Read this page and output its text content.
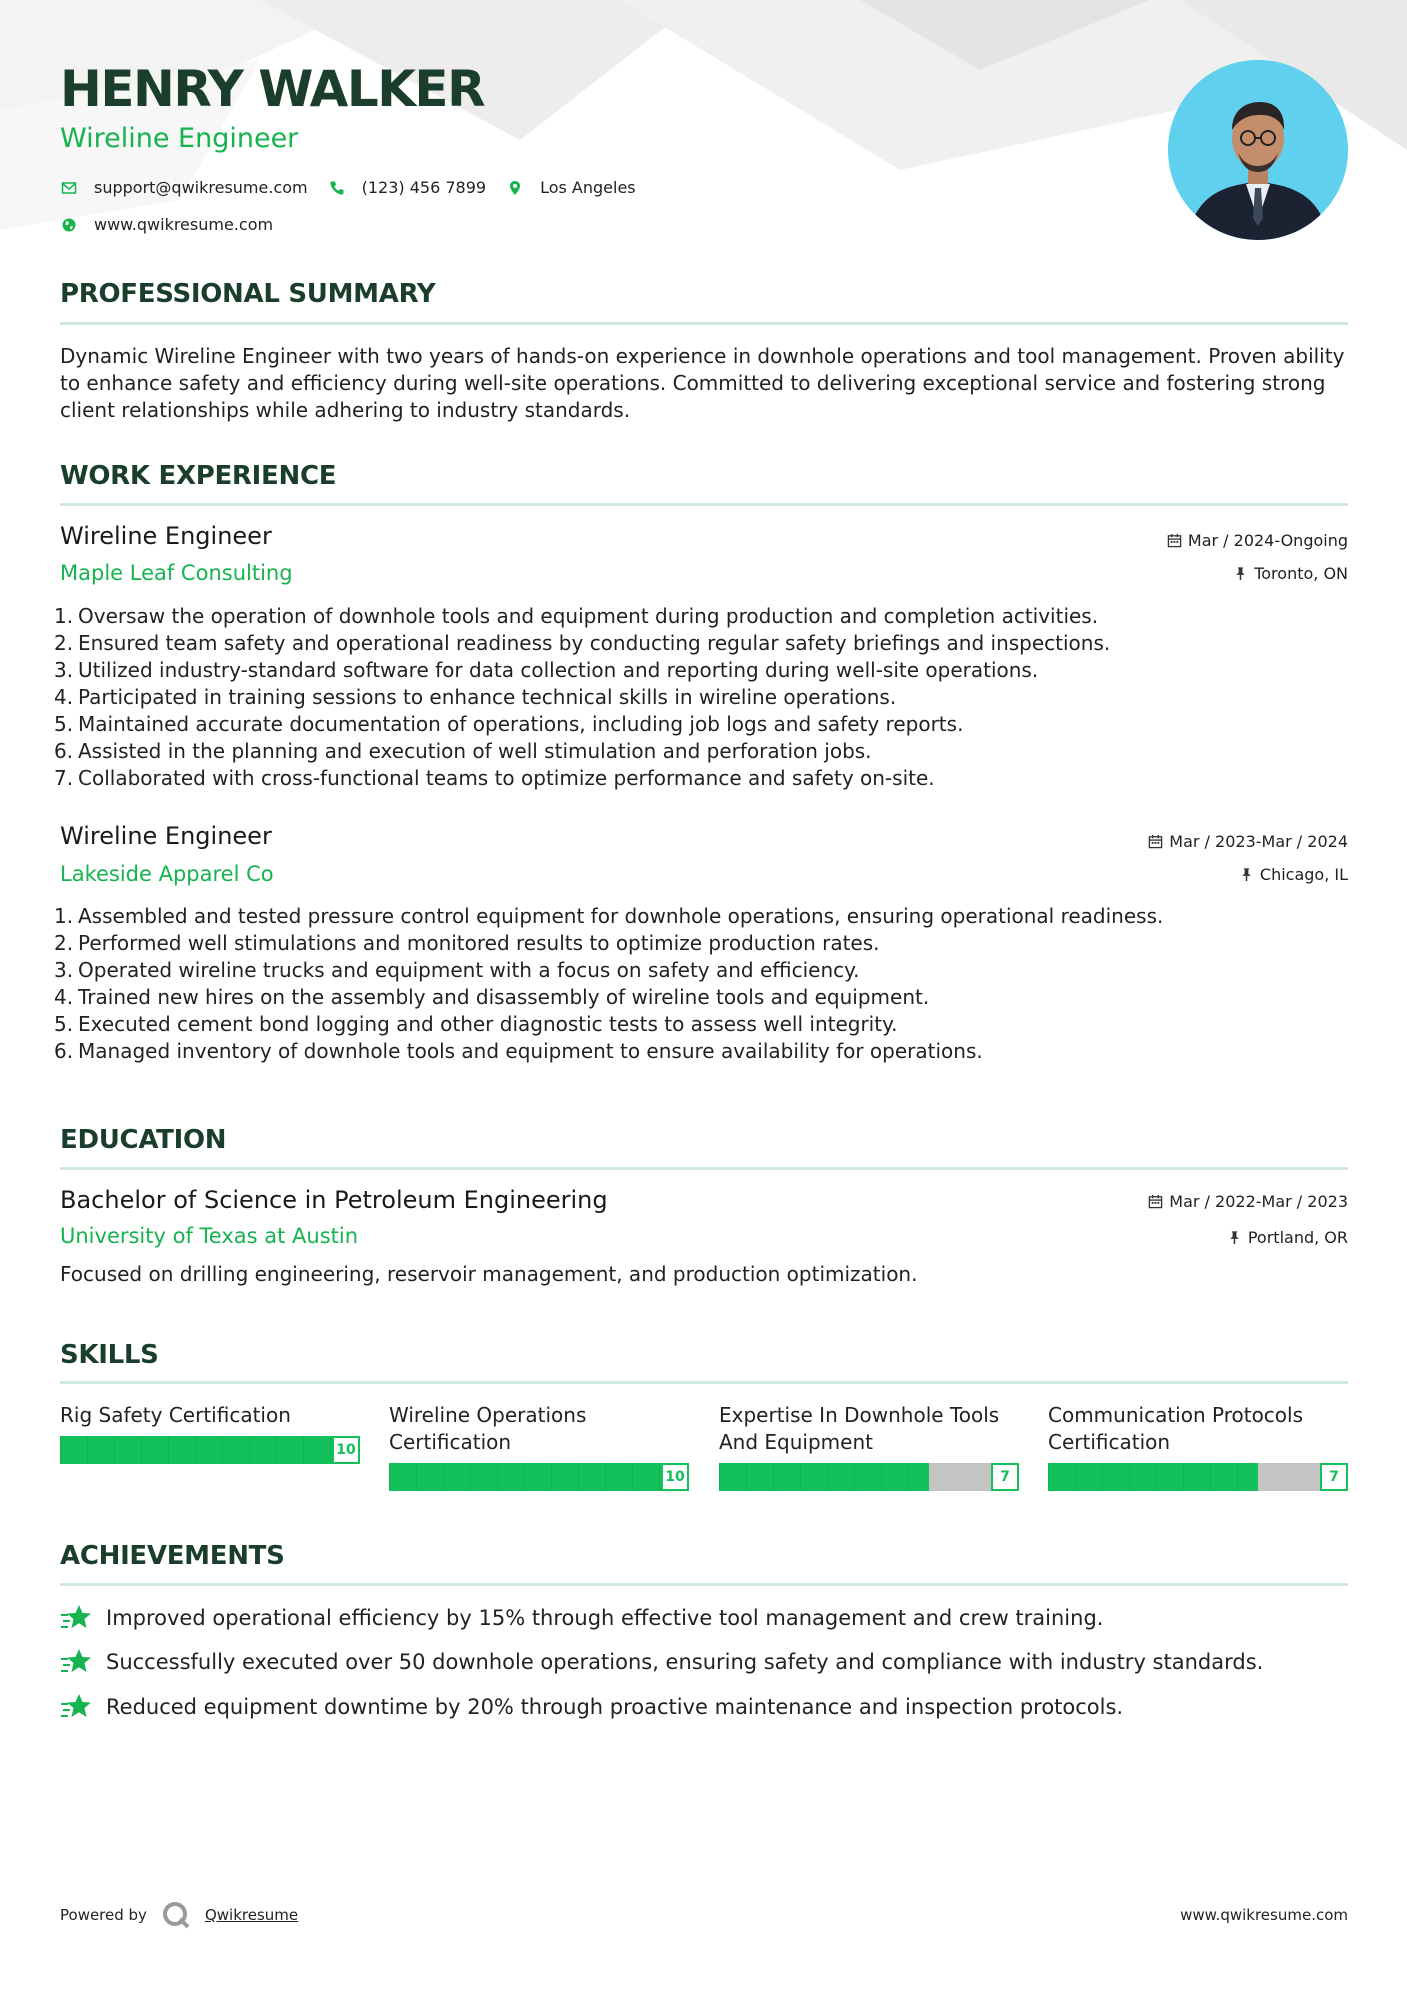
HENRY WALKER
Wireline Engineer
support@qwikresume.com	(123) 456 7899	Los Angeles
www.qwikresume.com
PROFESSIONAL SUMMARY
Dynamic Wireline Engineer with two years of hands-on experience in downhole operations and tool management. Proven ability to enhance safety and efficiency during well-site operations. Committed to delivering exceptional service and fostering strong client relationships while adhering to industry standards.
WORK EXPERIENCE
Wireline Engineer	Mar / 2024-Ongoing
Maple Leaf Consulting	Toronto, ON
1. Oversaw the operation of downhole tools and equipment during production and completion activities.
2. Ensured team safety and operational readiness by conducting regular safety briefings and inspections.
3. Utilized industry-standard software for data collection and reporting during well-site operations.
4. Participated in training sessions to enhance technical skills in wireline operations.
5. Maintained accurate documentation of operations, including job logs and safety reports.
6. Assisted in the planning and execution of well stimulation and perforation jobs.
7. Collaborated with cross-functional teams to optimize performance and safety on-site.
Wireline Engineer	Mar / 2023-Mar / 2024
Lakeside Apparel Co	Chicago, IL
1. Assembled and tested pressure control equipment for downhole operations, ensuring operational readiness.
2. Performed well stimulations and monitored results to optimize production rates.
3. Operated wireline trucks and equipment with a focus on safety and efficiency.
4. Trained new hires on the assembly and disassembly of wireline tools and equipment.
5. Executed cement bond logging and other diagnostic tests to assess well integrity.
6. Managed inventory of downhole tools and equipment to ensure availability for operations.
EDUCATION
Bachelor of Science in Petroleum Engineering	Mar / 2022-Mar / 2023
University of Texas at Austin	Portland, OR
Focused on drilling engineering, reservoir management, and production optimization.
SKILLS
Rig Safety Certification
10
Wireline Operations Certification
10
Expertise In Downhole Tools And Equipment
7
Communication Protocols Certification
7
ACHIEVEMENTS
Improved operational efficiency by 15% through effective tool management and crew training.
Successfully executed over 50 downhole operations, ensuring safety and compliance with industry standards.
Reduced equipment downtime by 20% through proactive maintenance and inspection protocols.
Powered by	Qwikresume	www.qwikresume.com
